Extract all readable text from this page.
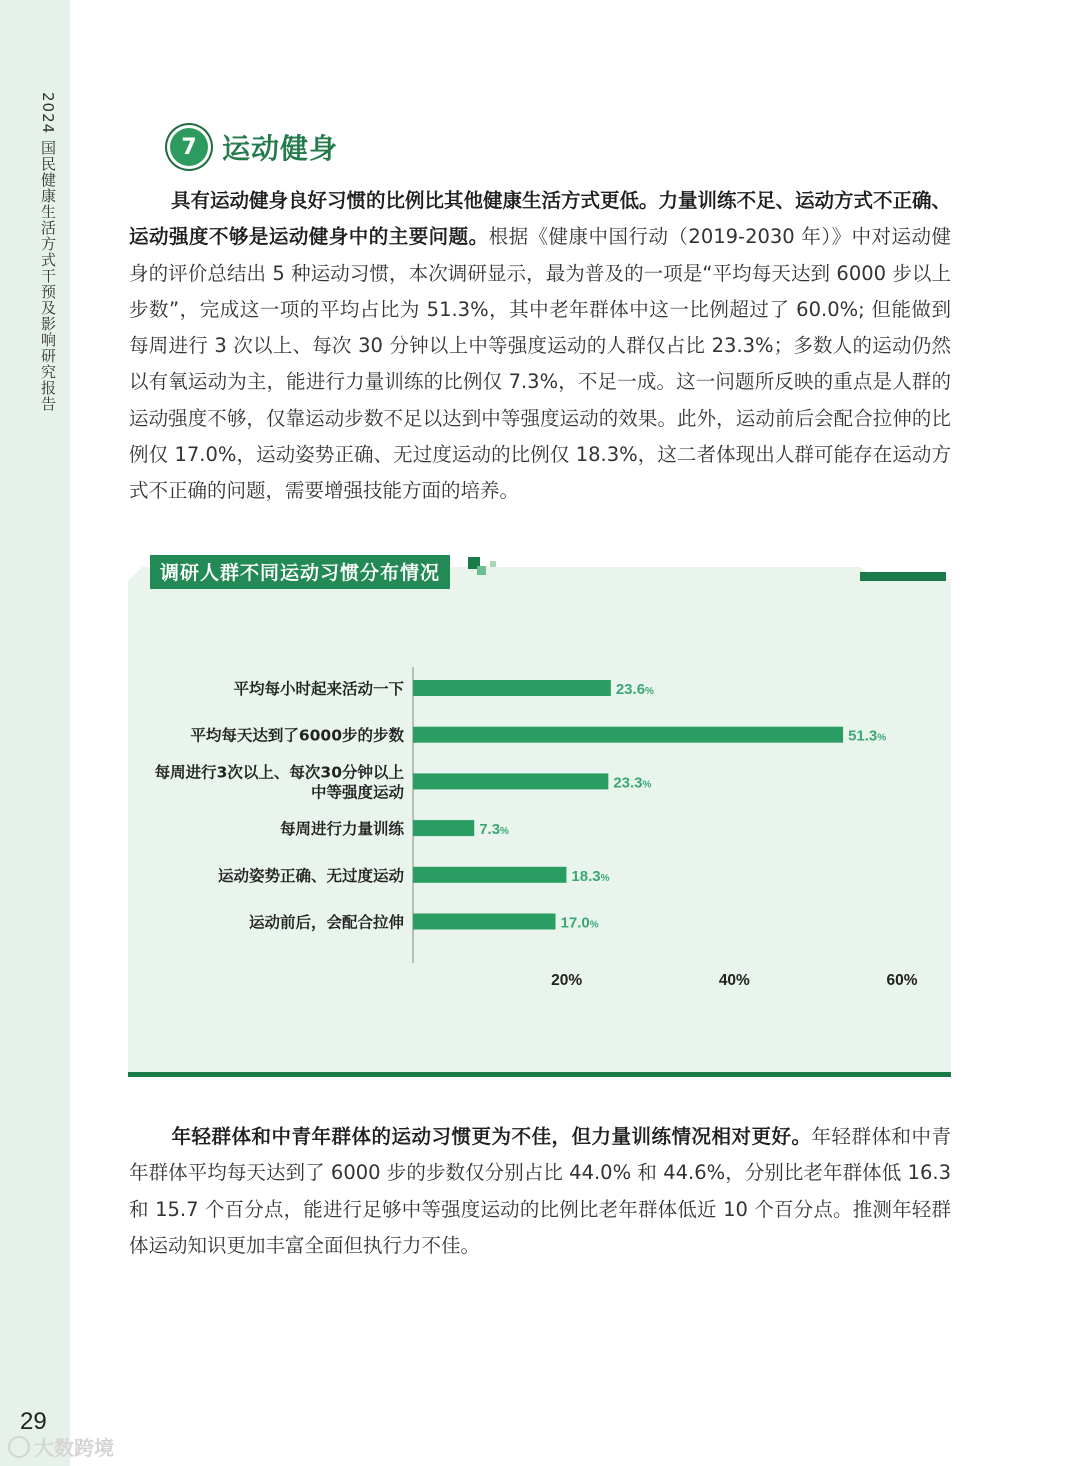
2024 国民健康生活方式干预及影响研究报告
29
大数跨境
7 运动健身
具有运动健身良好习惯的比例比其他健康生活方式更低。力量训练不足、运动方式不正确、运动强度不够是运动健身中的主要问题。根据《健康中国行动（2019-2030 年）》中对运动健身的评价总结出 5 种运动习惯，本次调研显示，最为普及的一项是“平均每天达到 6000 步以上步数”，完成这一项的平均占比为 51.3%，其中老年群体中这一比例超过了 60.0%; 但能做到每周进行 3 次以上、每次 30 分钟以上中等强度运动的人群仅占比 23.3%；多数人的运动仍然以有氧运动为主，能进行力量训练的比例仅 7.3%，不足一成。这一问题所反映的重点是人群的运动强度不够，仅靠运动步数不足以达到中等强度运动的效果。此外，运动前后会配合拉伸的比例仅 17.0%，运动姿势正确、无过度运动的比例仅 18.3%，这二者体现出人群可能存在运动方式不正确的问题，需要增强技能方面的培养。
调研人群不同运动习惯分布情况
23.6%
平均每小时起来活动一下
51.3%
平均每天达到了6000步的步数
23.3%
每周进行3次以上、每次30分钟以上
中等强度运动
7.3%
每周进行力量训练
18.3%
运动姿势正确、无过度运动
17.0%
运动前后，会配合拉伸
20%	40%	60%
年轻群体和中青年群体的运动习惯更为不佳，但力量训练情况相对更好。年轻群体和中青年群体平均每天达到了 6000 步的步数仅分别占比 44.0% 和 44.6%，分别比老年群体低 16.3 和 15.7 个百分点，能进行足够中等强度运动的比例比老年群体低近 10 个百分点。推测年轻群体运动知识更加丰富全面但执行力不佳。
